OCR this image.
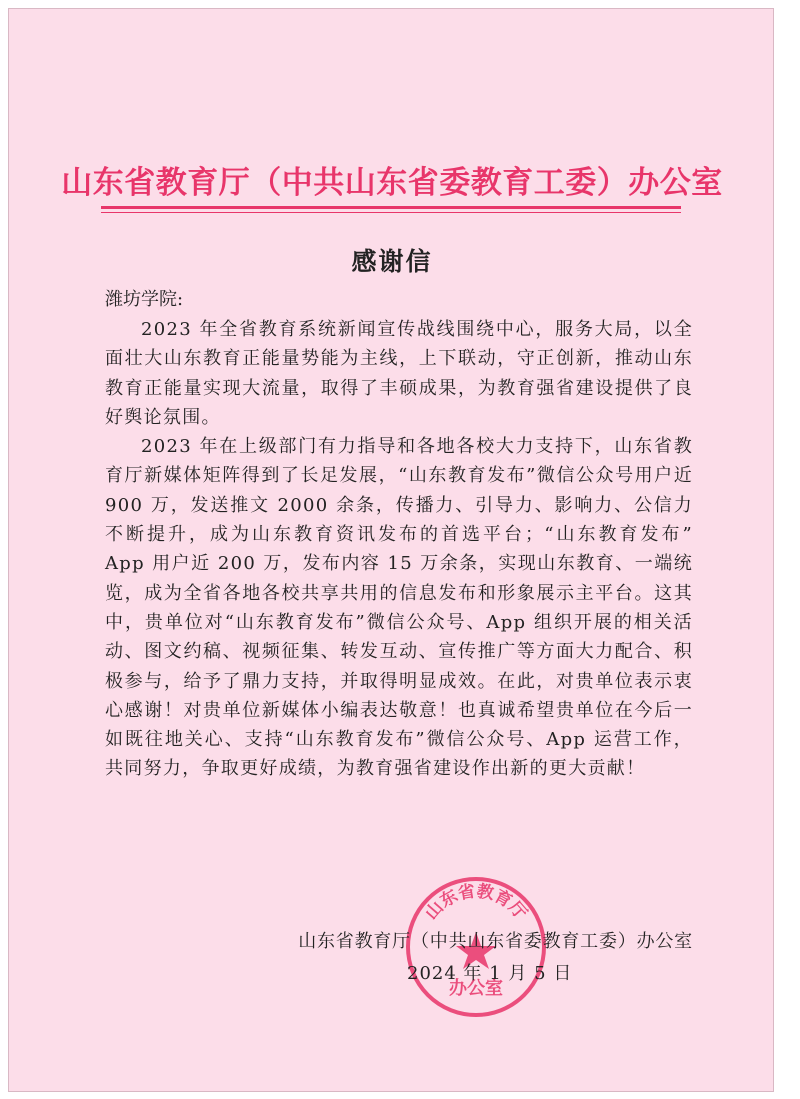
山东省教育厅（中共山东省委教育工委）办公室
感谢信
潍坊学院:

2023 年全省教育系统新闻宣传战线围绕中心，服务大局，以全面壮大山东教育正能量势能为主线，上下联动，守正创新，推动山东教育正能量实现大流量，取得了丰硕成果，为教育强省建设提供了良好舆论氛围。

2023 年在上级部门有力指导和各地各校大力支持下，山东省教育厅新媒体矩阵得到了长足发展，“山东教育发布”微信公众号用户近 900 万，发送推文 2000 余条，传播力、引导力、影响力、公信力不断提升，成为山东教育资讯发布的首选平台；“山东教育发布” App 用户近 200 万，发布内容 15 万余条，实现山东教育、一端统览，成为全省各地各校共享共用的信息发布和形象展示主平台。这其中，贵单位对“山东教育发布”微信公众号、App 组织开展的相关活动、图文约稿、视频征集、转发互动、宣传推广等方面大力配合、积极参与，给予了鼎力支持，并取得明显成效。在此，对贵单位表示衷心感谢！对贵单位新媒体小编表达敬意！也真诚希望贵单位在今后一如既往地关心、支持“山东教育发布”微信公众号、App 运营工作，共同努力，争取更好成绩，为教育强省建设作出新的更大贡献！

山东省教育厅
办公室
山东省教育厅（中共山东省委教育工委）办公室
2024 年 1 月 5 日
